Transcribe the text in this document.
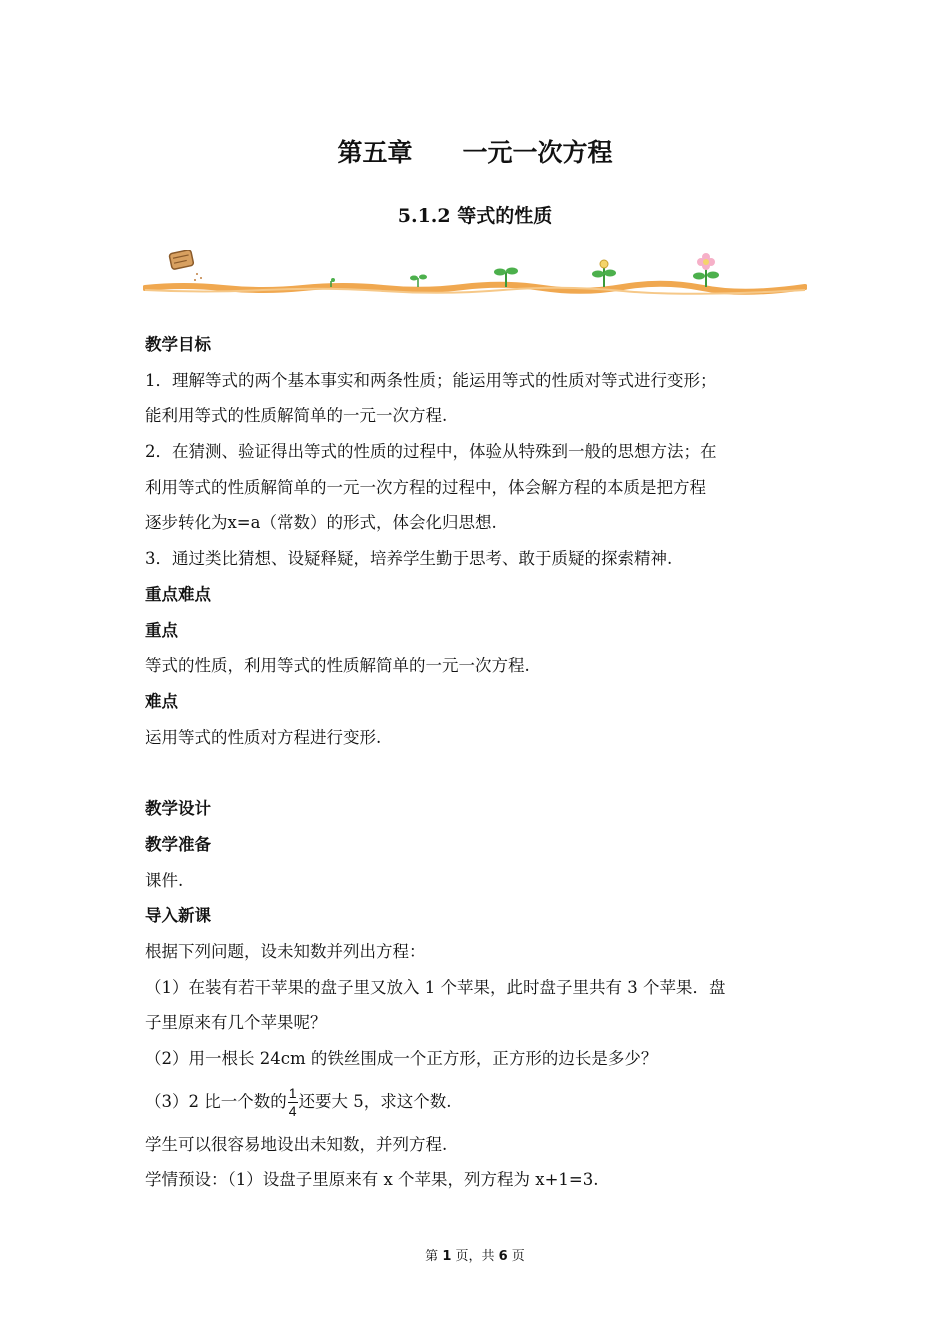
第五章　　一元一次方程
5.1.2 等式的性质
教学目标
1．理解等式的两个基本事实和两条性质；能运用等式的性质对等式进行变形；
能利用等式的性质解简单的一元一次方程.
2．在猜测、验证得出等式的性质的过程中，体验从特殊到一般的思想方法；在
利用等式的性质解简单的一元一次方程的过程中，体会解方程的本质是把方程
逐步转化为x=a（常数）的形式，体会化归思想.
3．通过类比猜想、设疑释疑，培养学生勤于思考、敢于质疑的探索精神.
重点难点
重点
等式的性质，利用等式的性质解简单的一元一次方程.
难点
运用等式的性质对方程进行变形.
教学设计
教学准备
课件.
导入新课
根据下列问题，设未知数并列出方程：
（1）在装有若干苹果的盘子里又放入 1 个苹果，此时盘子里共有 3 个苹果．盘
子里原来有几个苹果呢？
（2）用一根长 24cm 的铁丝围成一个正方形，正方形的边长是多少？
（3）2 比一个数的 $\frac{1}{4}$ 还要大 5，求这个数.
学生可以很容易地设出未知数，并列方程.
学情预设：（1）设盘子里原来有 x 个苹果，列方程为 x+1=3.
第 1 页，共 6 页
